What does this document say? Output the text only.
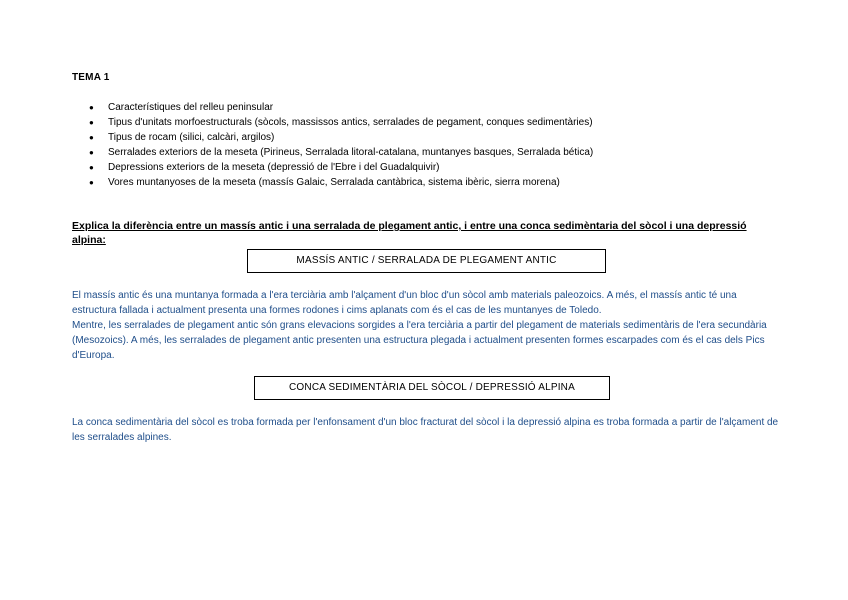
TEMA 1
● Característiques del relleu peninsular
● Tipus d'unitats morfoestructurals (sòcols, massissos antics, serralades de pegament, conques sedimentàries)
● Tipus de rocam (silici, calcàri, argilos)
● Serralades exteriors de la meseta (Pirineus, Serralada litoral-catalana, muntanyes basques, Serralada bética)
● Depressions exteriors de la meseta (depressió de l'Ebre i del Guadalquivir)
● Vores muntanyoses de la meseta (massís Galaic, Serralada cantàbrica, sistema ibèric, sierra morena)
Explica la diferència entre un massís antic i una serralada de plegament antic, i entre una conca sedimèntaria del sòcol i una depressió alpina:
MASSÍS ANTIC / SERRALADA DE PLEGAMENT ANTIC
El massís antic és una muntanya formada a l'era terciària amb l'alçament d'un bloc d'un sòcol amb materials paleozoics. A més, el massís antic té una estructura fallada i actualment presenta una formes rodones i cims aplanats com és el cas de les muntanyes de Toledo.
Mentre, les serralades de plegament antic són grans elevacions sorgides a l'era terciària a partir del plegament de materials sedimentàris de l'era secundària (Mesozoics). A més, les serralades de plegament antic presenten una estructura plegada i actualment presenten formes escarpades com és el cas dels Pics d'Europa.
CONCA SEDIMENTÀRIA DEL SÒCOL / DEPRESSIÓ ALPINA
La conca sedimentària del sòcol es troba formada per l'enfonsament d'un bloc fracturat del sòcol i la depressió alpina es troba formada a partir de l'alçament de les serralades alpines.
